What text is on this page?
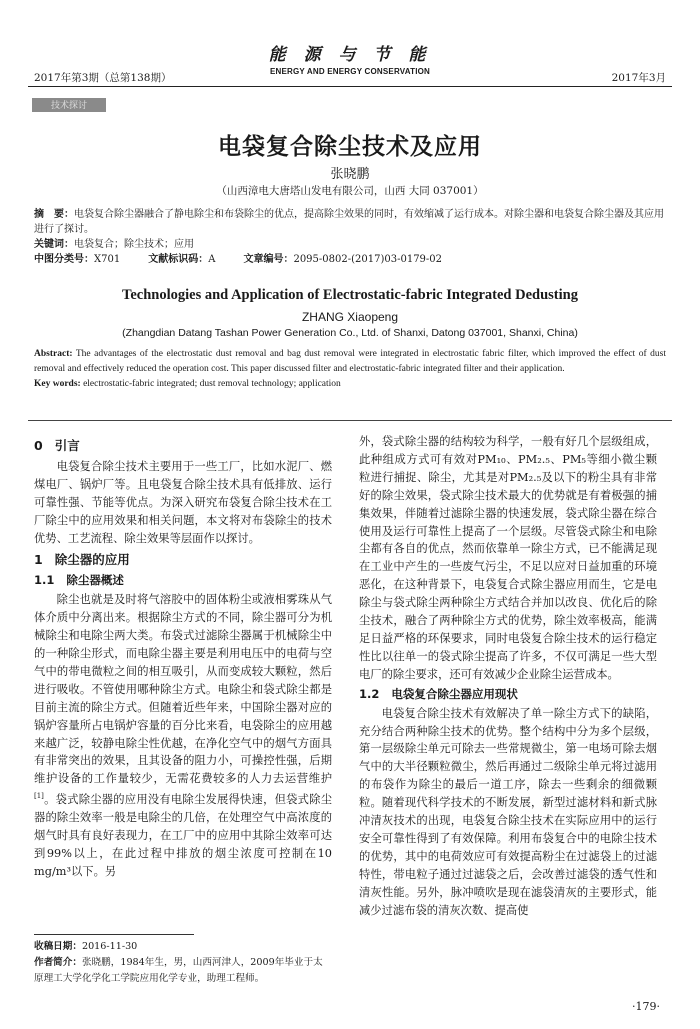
2017年第3期（总第138期）
能 源 与 节 能
ENERGY AND ENERGY CONSERVATION
2017年3月
技术探讨
电袋复合除尘技术及应用
张晓鹏
（山西漳电大唐塔山发电有限公司，山西 大同 037001）
摘　要：电袋复合除尘器融合了静电除尘和布袋除尘的优点，提高除尘效果的同时，有效缩减了运行成本。对除尘器和电袋复合除尘器及其应用进行了探讨。
关键词：电袋复合；除尘技术；应用
中图分类号：X701	文献标识码：A	文章编号：2095-0802-(2017)03-0179-02
Technologies and Application of Electrostatic-fabric Integrated Dedusting
ZHANG Xiaopeng
(Zhangdian Datang Tashan Power Generation Co., Ltd. of Shanxi, Datong 037001, Shanxi, China)
Abstract: The advantages of the electrostatic dust removal and bag dust removal were integrated in electrostatic fabric filter, which improved the effect of dust removal and effectively reduced the operation cost. This paper discussed filter and electrostatic-fabric integrated filter and their application.
Key words: electrostatic-fabric integrated; dust removal technology; application
0 引言

电袋复合除尘技术主要用于一些工厂，比如水泥厂、燃煤电厂、锅炉厂等。且电袋复合除尘技术具有低排放、运行可靠性强、节能等优点。为深入研究布袋复合除尘技术在工厂除尘中的应用效果和相关问题，本文将对布袋除尘的技术优势、工艺流程、除尘效果等层面作以探讨。

1 除尘器的应用
1.1 除尘器概述

除尘也就是及时将气溶胶中的固体粉尘或液相雾珠从气体介质中分离出来。根据除尘方式的不同，除尘器可分为机械除尘和电除尘两大类。布袋式过滤除尘器属于机械除尘中的一种除尘形式，而电除尘器主要是利用电压中的电荷与空气中的带电微粒之间的相互吸引，从而变成较大颗粒，然后进行吸收。不管使用哪种除尘方式。电除尘和袋式除尘都是目前主流的除尘方式。但随着近些年来，中国除尘器对应的锅炉容量所占电锅炉容量的百分比来看，电袋除尘的应用越来越广泛，较静电除尘性优越，在净化空气中的烟气方面具有非常突出的效果，且其设备的阻力小，可操控性强，后期维护设备的工作量较少，无需花费较多的人力去运营维护[1]。袋式除尘器的应用没有电除尘发展得快速，但袋式除尘器的除尘效率一般是电除尘的几倍，在处理空气中高浓度的烟气时具有良好表现力，在工厂中的应用中其除尘效率可达到99%以上，在此过程中排放的烟尘浓度可控制在10 mg/m³以下。另

外，袋式除尘器的结构较为科学，一般有好几个层级组成，此种组成方式可有效对PM₁₀、PM₂.₅、PM₅等细小微尘颗粒进行捕捉、除尘，尤其是对PM₂.₅及以下的粉尘具有非常好的除尘效果，袋式除尘技术最大的优势就是有着极强的捕集效果，伴随着过滤除尘器的快速发展，袋式除尘器在综合使用及运行可靠性上提高了一个层级。尽管袋式除尘和电除尘都有各自的优点，然而依靠单一除尘方式，已不能满足现在工业中产生的一些废气污尘，不足以应对日益加重的环境恶化，在这种背景下，电袋复合式除尘器应用而生，它是电除尘与袋式除尘两种除尘方式结合并加以改良、优化后的除尘技术，融合了两种除尘方式的优势，除尘效率极高，能满足日益严格的环保要求，同时电袋复合除尘技术的运行稳定性比以往单一的袋式除尘提高了许多，不仅可满足一些大型电厂的除尘要求，还可有效减少企业除尘运营成本。

1.2 电袋复合除尘器应用现状

电袋复合除尘技术有效解决了单一除尘方式下的缺陷，充分结合两种除尘技术的优势。整个结构中分为多个层级，第一层级除尘单元可除去一些常规微尘，第一电场可除去烟气中的大半径颗粒微尘，然后再通过二级除尘单元将过滤用的布袋作为除尘的最后一道工序，除去一些剩余的细微颗粒。随着现代科学技术的不断发展，新型过滤材料和新式脉冲清灰技术的出现，电袋复合除尘技术在实际应用中的运行安全可靠性得到了有效保障。利用布袋复合中的电除尘技术的优势，其中的电荷效应可有效提高粉尘在过滤袋上的过滤特性，带电粒子通过过滤袋之后，会改善过滤袋的透气性和清灰性能。另外，脉冲喷吹是现在滤袋清灰的主要形式，能减少过滤布袋的清灰次数、提高使

收稿日期：2016-11-30
作者简介：张晓鹏，1984年生，男，山西河津人，2009年毕业于太原理工大学化学化工学院应用化学专业，助理工程师。
·179·
